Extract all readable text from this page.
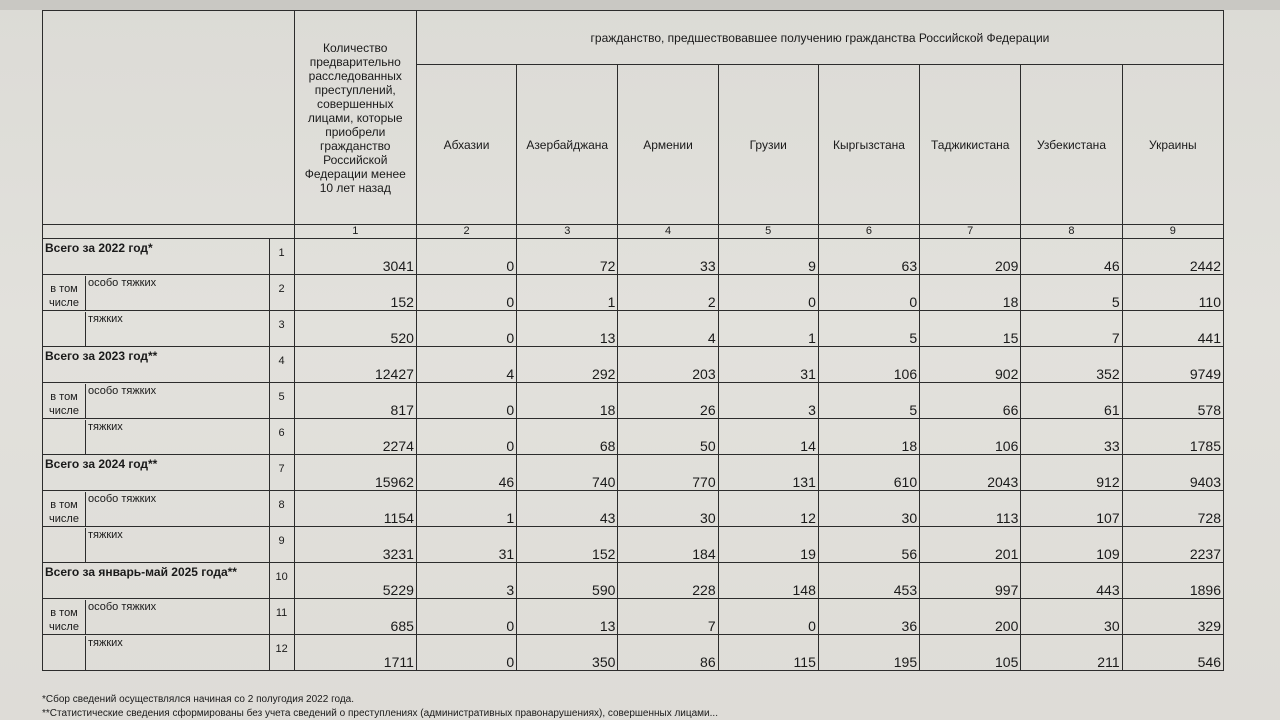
		Количество предварительно расследованных преступлений, совершенных лицами, которые приобрели гражданство Российской Федерации менее 10 лет назад	гражданство, предшествовавшее получению гражданства Российской Федерации							
			Абхазии	Азербайджана	Армении	Грузии	Кыргызстана	Таджикистана	Узбекистана	Украины
		1	2	3	4	5	6	7	8	9
Всего за 2022 год*	1	3041	0	72	33	9	63	209	46	2442

в том числе
особо тяжких	2	152	0	1	2	0	0	18	5	110

тяжких	3	520	0	13	4	1	5	15	7	441
Всего за 2023 год**	4	12427	4	292	203	31	106	902	352	9749

в том числе
особо тяжких	5	817	0	18	26	3	5	66	61	578

тяжких	6	2274	0	68	50	14	18	106	33	1785
Всего за 2024 год**	7	15962	46	740	770	131	610	2043	912	9403

в том числе
особо тяжких	8	1154	1	43	30	12	30	113	107	728

тяжких	9	3231	31	152	184	19	56	201	109	2237
Всего за январь-май 2025 года**	10	5229	3	590	228	148	453	997	443	1896

в том числе
особо тяжких	11	685	0	13	7	0	36	200	30	329

тяжких	12	1711	0	350	86	115	195	105	211	546
*Сбор сведений осуществлялся начиная со 2 полугодия 2022 года.
**Статистические сведения сформированы без учета сведений о преступлениях (административных правонарушениях), совершенных лицами...
